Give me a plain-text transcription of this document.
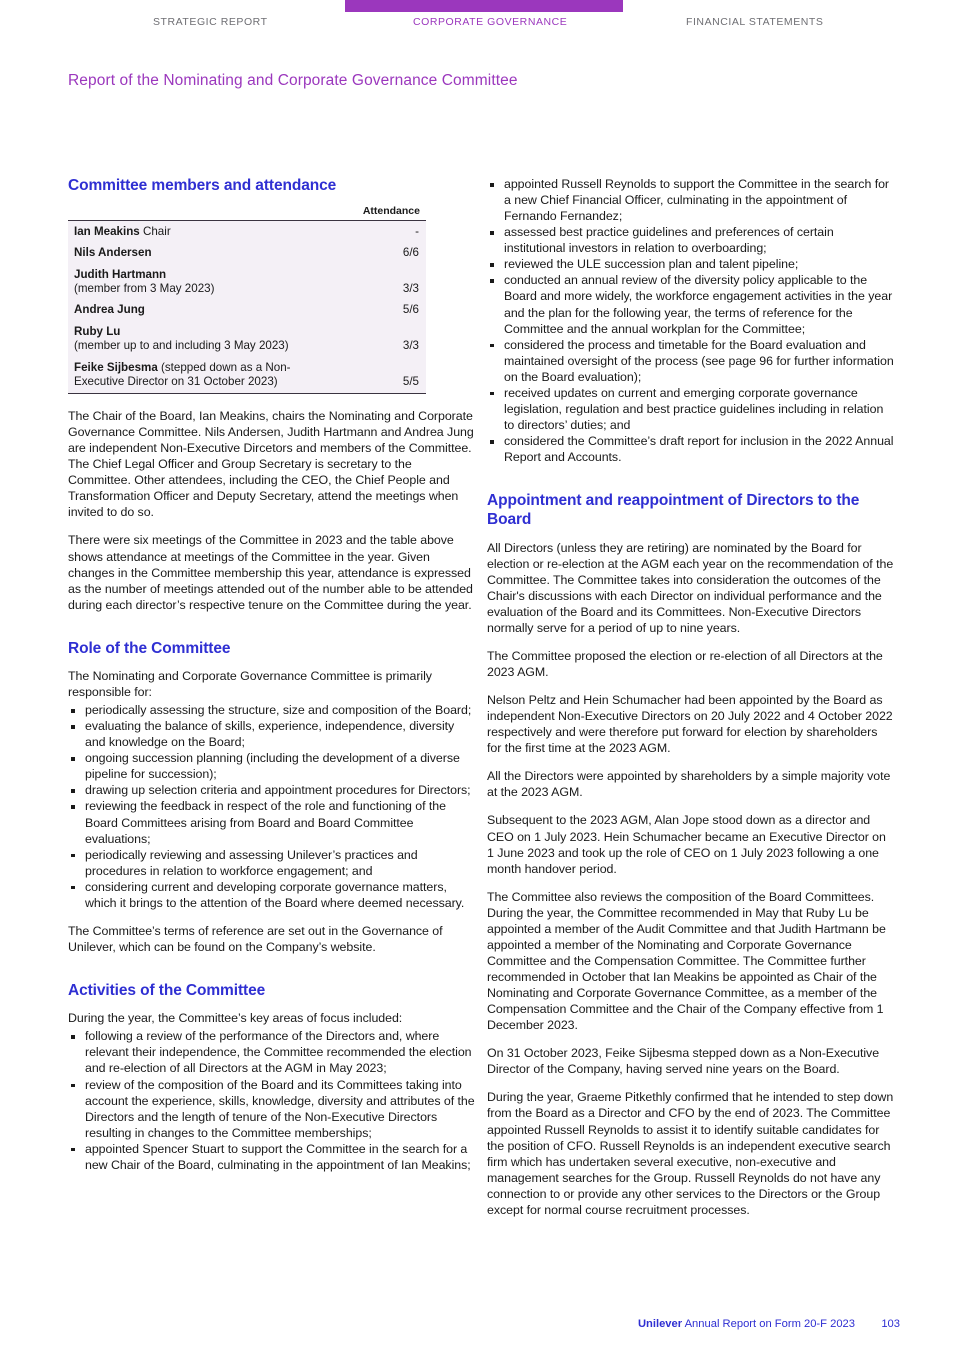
STRATEGIC REPORT	CORPORATE GOVERNANCE	FINANCIAL STATEMENTS
Report of the Nominating and Corporate Governance Committee
Committee members and attendance
Attendance
Ian Meakins Chair	-
Nils Andersen	6/6
Judith Hartmann
(member from 3 May 2023)	3/3
Andrea Jung	5/6
Ruby Lu
(member up to and including 3 May 2023)	3/3
Feike Sijbesma (stepped down as a Non-
Executive Director on 31 October 2023)	5/5

The Chair of the Board, Ian Meakins, chairs the Nominating and Corporate Governance Committee. Nils Andersen, Judith Hartmann and Andrea Jung are independent Non-Executive Dircetors and members of the Committee. The Chief Legal Officer and Group Secretary is secretary to the Committee. Other attendees, including the CEO, the Chief People and Transformation Officer and Deputy Secretary, attend the meetings when invited to do so.

There were six meetings of the Committee in 2023 and the table above shows attendance at meetings of the Committee in the year. Given changes in the Committee membership this year, attendance is expressed as the number of meetings attended out of the number able to be attended during each director’s respective tenure on the Committee during the year.

Role of the Committee

The Nominating and Corporate Governance Committee is primarily responsible for:

periodically assessing the structure, size and composition of the Board;
evaluating the balance of skills, experience, independence, diversity and knowledge on the Board;
ongoing succession planning (including the development of a diverse pipeline for succession);
drawing up selection criteria and appointment procedures for Directors;
reviewing the feedback in respect of the role and functioning of the Board Committees arising from Board and Board Committee evaluations;
periodically reviewing and assessing Unilever’s practices and procedures in relation to workforce engagement; and
considering current and developing corporate governance matters, which it brings to the attention of the Board where deemed necessary.

The Committee’s terms of reference are set out in the Governance of Unilever, which can be found on the Company’s website.

Activities of the Committee

During the year, the Committee’s key areas of focus included:

following a review of the performance of the Directors and, where relevant their independence, the Committee recommended the election and re-election of all Directors at the AGM in May 2023;
review of the composition of the Board and its Committees taking into account the experience, skills, knowledge, diversity and attributes of the Directors and the length of tenure of the Non-Executive Directors resulting in changes to the Committee memberships;
appointed Spencer Stuart to support the Committee in the search for a new Chair of the Board, culminating in the appointment of Ian Meakins;
appointed Russell Reynolds to support the Committee in the search for a new Chief Financial Officer, culminating in the appointment of Fernando Fernandez;
assessed best practice guidelines and preferences of certain institutional investors in relation to overboarding;
reviewed the ULE succession plan and talent pipeline;
conducted an annual review of the diversity policy applicable to the Board and more widely, the workforce engagement activities in the year and the plan for the following year, the terms of reference for the Committee and the annual workplan for the Committee;
considered the process and timetable for the Board evaluation and maintained oversight of the process (see page 96 for further information on the Board evaluation);
received updates on current and emerging corporate governance legislation, regulation and best practice guidelines including in relation to directors’ duties; and
considered the Committee’s draft report for inclusion in the 2022 Annual Report and Accounts.
Appointment and reappointment of Directors to the Board

All Directors (unless they are retiring) are nominated by the Board for election or re-election at the AGM each year on the recommendation of the Committee. The Committee takes into consideration the outcomes of the Chair's discussions with each Director on individual performance and the evaluation of the Board and its Committees. Non-Executive Directors normally serve for a period of up to nine years.

The Committee proposed the election or re-election of all Directors at the 2023 AGM.

Nelson Peltz and Hein Schumacher had been appointed by the Board as independent Non-Executive Directors on 20 July 2022 and 4 October 2022 respectively and were therefore put forward for election by shareholders for the first time at the 2023 AGM.

All the Directors were appointed by shareholders by a simple majority vote at the 2023 AGM.

Subsequent to the 2023 AGM, Alan Jope stood down as a director and CEO on 1 July 2023. Hein Schumacher became an Executive Director on 1 June 2023 and took up the role of CEO on 1 July 2023 following a one month handover period.

The Committee also reviews the composition of the Board Committees. During the year, the Committee recommended in May that Ruby Lu be appointed a member of the Audit Committee and that Judith Hartmann be appointed a member of the Nominating and Corporate Governance Committee and the Compensation Committee. The Committee further recommended in October that Ian Meakins be appointed as Chair of the Nominating and Corporate Governance Committee, as a member of the Compensation Committee and the Chair of the Company effective from 1 December 2023.

On 31 October 2023, Feike Sijbesma stepped down as a Non-Executive Director of the Company, having served nine years on the Board.

During the year, Graeme Pitkethly confirmed that he intended to step down from the Board as a Director and CFO by the end of 2023. The Committee appointed Russell Reynolds to assist it to identify suitable candidates for the position of CFO. Russell Reynolds is an independent executive search firm which has undertaken several executive, non-executive and management searches for the Group. Russell Reynolds do not have any connection to or provide any other services to the Directors or the Group except for normal course recruitment processes.

Unilever Annual Report on Form 20-F 2023 103
